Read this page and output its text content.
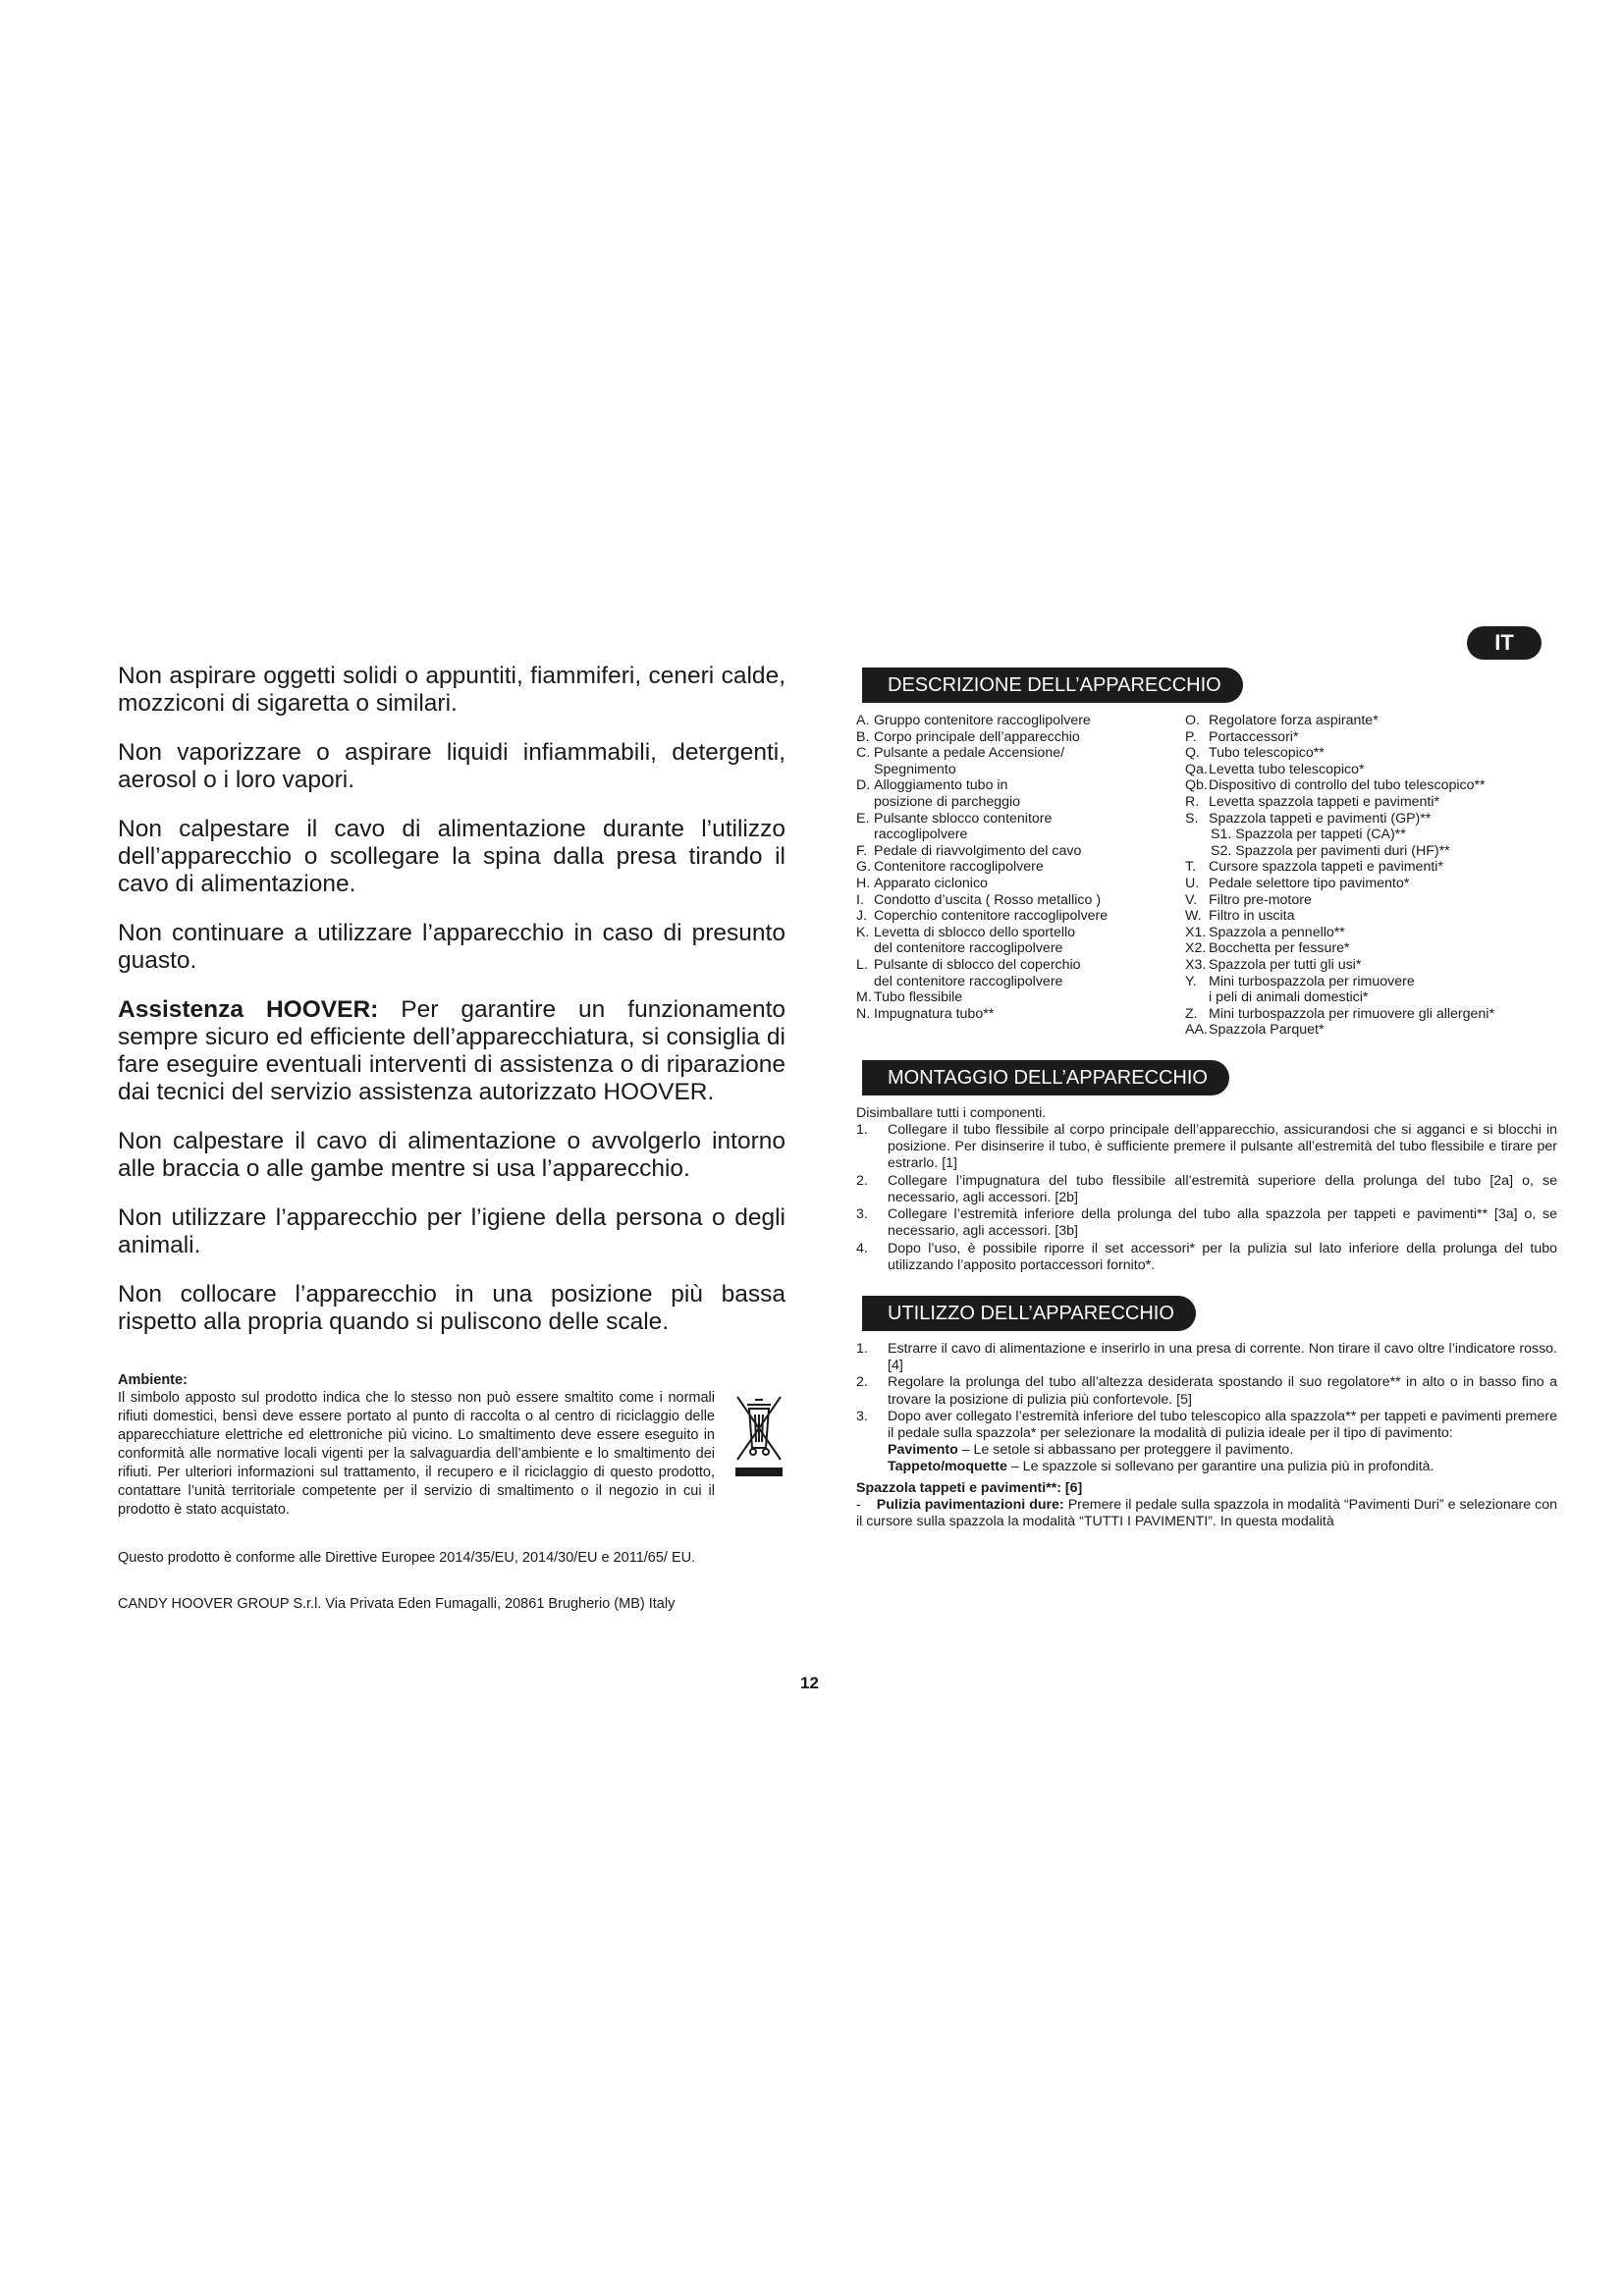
IT

Non aspirare oggetti solidi o appuntiti, fiammiferi, ceneri calde, mozziconi di sigaretta o similari.

Non vaporizzare o aspirare liquidi infiammabili, detergenti, aerosol o i loro vapori.

Non calpestare il cavo di alimentazione durante l’utilizzo dell’apparecchio o scollegare la spina dalla presa tirando il cavo di alimentazione.

Non continuare a utilizzare l’apparecchio in caso di presunto guasto.

Assistenza HOOVER: Per garantire un funzionamento sempre sicuro ed efficiente dell’apparecchiatura, si consiglia di fare eseguire eventuali interventi di assistenza o di riparazione dai tecnici del servizio assistenza autorizzato HOOVER.

Non calpestare il cavo di alimentazione o avvolgerlo intorno alle braccia o alle gambe mentre si usa l’apparecchio.

Non utilizzare l’apparecchio per l’igiene della persona o degli animali.

Non collocare l’apparecchio in una posizione più bassa rispetto alla propria quando si puliscono delle scale.

Ambiente:
Il simbolo apposto sul prodotto indica che lo stesso non può essere smaltito come i normali rifiuti domestici, bensì deve essere portato al punto di raccolta o al centro di riciclaggio delle apparecchiature elettriche ed elettroniche più vicino. Lo smaltimento deve essere eseguito in conformità alle normative locali vigenti per la salvaguardia dell’ambiente e lo smaltimento dei rifiuti. Per ulteriori informazioni sul trattamento, il recupero e il riciclaggio di questo prodotto, contattare l’unità territoriale competente per il servizio di smaltimento o il negozio in cui il prodotto è stato acquistato.

Questo prodotto è conforme alle Direttive Europee 2014/35/EU, 2014/30/EU e 2011/65/ EU.

CANDY HOOVER GROUP S.r.l. Via Privata Eden Fumagalli, 20861 Brugherio (MB) Italy

12
DESCRIZIONE DELL’APPARECCHIO
A. Gruppo contenitore raccoglipolvere
B. Corpo principale dell’apparecchio
C. Pulsante a pedale Accensione/
Spegnimento
D. Alloggiamento tubo in
posizione di parcheggio
E. Pulsante sblocco contenitore
raccoglipolvere
F. Pedale di riavvolgimento del cavo
G. Contenitore raccoglipolvere
H. Apparato ciclonico
I. Condotto d’uscita ( Rosso metallico )
J. Coperchio contenitore raccoglipolvere
K. Levetta di sblocco dello sportello
del contenitore raccoglipolvere
L. Pulsante di sblocco del coperchio
del contenitore raccoglipolvere
M. Tubo flessibile
N. Impugnatura tubo**
O. Regolatore forza aspirante*
P. Portaccessori*
Q. Tubo telescopico**
Qa. Levetta tubo telescopico*
Qb. Dispositivo di controllo del tubo telescopico**
R. Levetta spazzola tappeti e pavimenti*
S. Spazzola tappeti e pavimenti (GP)**
S1. Spazzola per tappeti (CA)**
S2. Spazzola per pavimenti duri (HF)**
T. Cursore spazzola tappeti e pavimenti*
U. Pedale selettore tipo pavimento*
V. Filtro pre-motore
W. Filtro in uscita
X1. Spazzola a pennello**
X2. Bocchetta per fessure*
X3. Spazzola per tutti gli usi*
Y. Mini turbospazzola per rimuovere
i peli di animali domestici*
Z. Mini turbospazzola per rimuovere gli allergeni*
AA. Spazzola Parquet*
MONTAGGIO DELL’APPARECCHIO
Disimballare tutti i componenti.
1.	Collegare il tubo flessibile al corpo principale dell’apparecchio, assicurandosi che si agganci e si blocchi in posizione. Per disinserire il tubo, è sufficiente premere il pulsante all’estremità del tubo flessibile e tirare per estrarlo. [1]
2.	Collegare l’impugnatura del tubo flessibile all’estremità superiore della prolunga del tubo [2a] o, se necessario, agli accessori. [2b]
3.	Collegare l’estremità inferiore della prolunga del tubo alla spazzola per tappeti e pavimenti** [3a] o, se necessario, agli accessori. [3b]
4.	Dopo l’uso, è possibile riporre il set accessori* per la pulizia sul lato inferiore della prolunga del tubo utilizzando l’apposito portaccessori fornito*.
UTILIZZO DELL’APPARECCHIO
1.	Estrarre il cavo di alimentazione e inserirlo in una presa di corrente. Non tirare il cavo oltre l’indicatore rosso. [4]
2.	Regolare la prolunga del tubo all’altezza desiderata spostando il suo regolatore** in alto o in basso fino a trovare la posizione di pulizia più confortevole. [5]
3.	Dopo aver collegato l’estremità inferiore del tubo telescopico alla spazzola** per tappeti e pavimenti premere il pedale sulla spazzola* per selezionare la modalità di pulizia ideale per il tipo di pavimento:
Pavimento – Le setole si abbassano per proteggere il pavimento.
Tappeto/moquette – Le spazzole si sollevano per garantire una pulizia più in profondità.
Spazzola tappeti e pavimenti**: [6]
- Pulizia pavimentazioni dure: Premere il pedale sulla spazzola in modalità “Pavimenti Duri” e selezionare con il cursore sulla spazzola la modalità “TUTTI I PAVIMENTI”. In questa modalità
